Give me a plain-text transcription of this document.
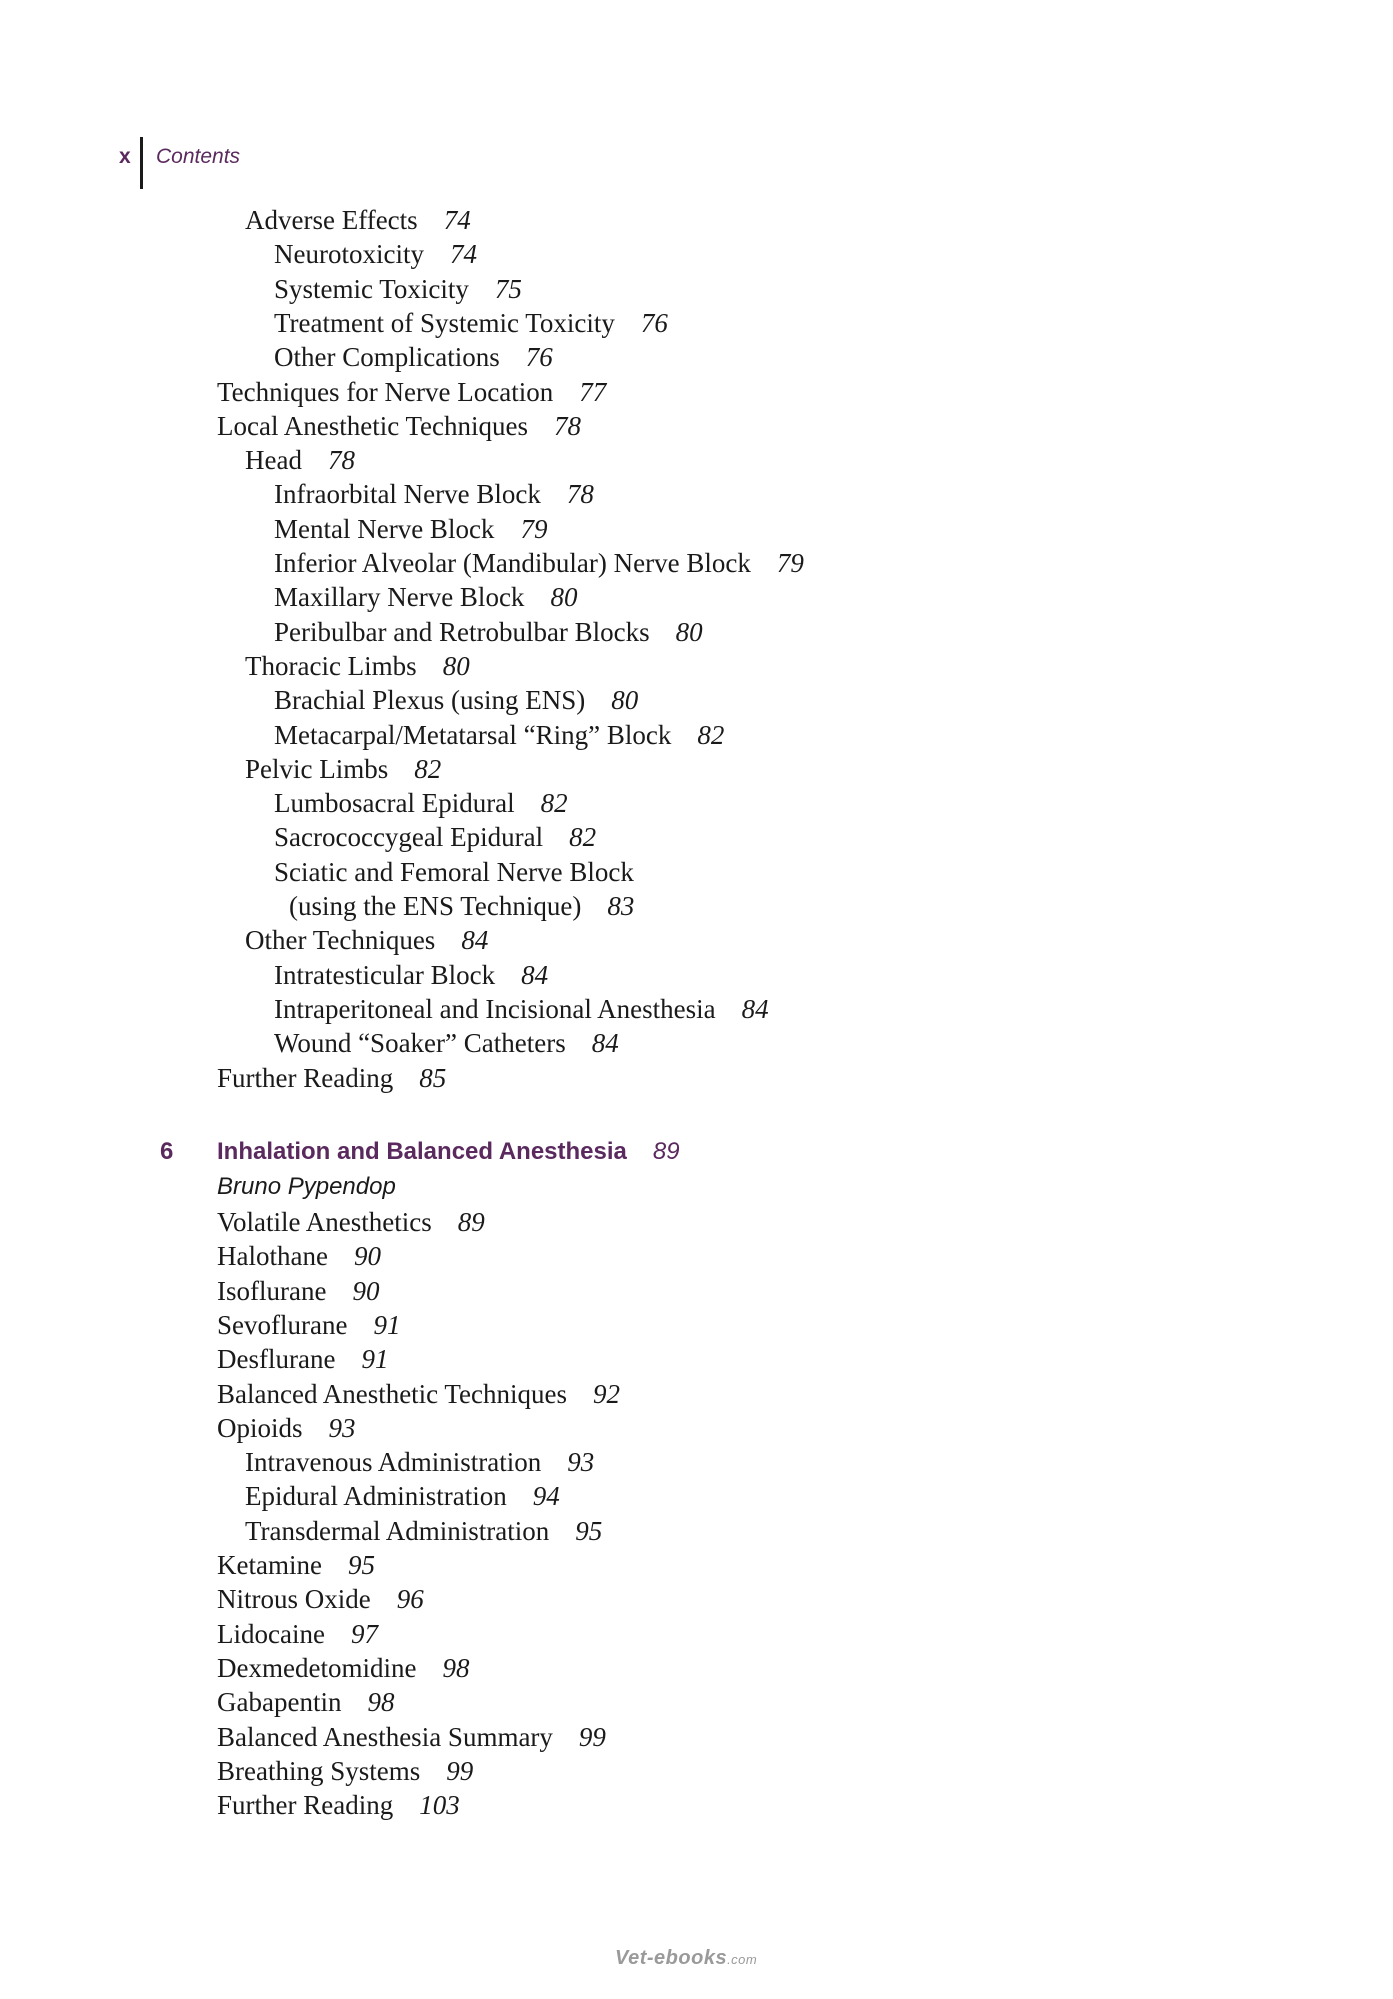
x	Contents
Adverse Effects 74
Neurotoxicity 74
Systemic Toxicity 75
Treatment of Systemic Toxicity 76
Other Complications 76
Techniques for Nerve Location 77
Local Anesthetic Techniques 78
Head 78
Infraorbital Nerve Block 78
Mental Nerve Block 79
Inferior Alveolar (Mandibular) Nerve Block 79
Maxillary Nerve Block 80
Peribulbar and Retrobulbar Blocks 80
Thoracic Limbs 80
Brachial Plexus (using ENS) 80
Metacarpal/Metatarsal “Ring” Block 82
Pelvic Limbs 82
Lumbosacral Epidural 82
Sacrococcygeal Epidural 82
Sciatic and Femoral Nerve Block
(using the ENS Technique) 83
Other Techniques 84
Intratesticular Block 84
Intraperitoneal and Incisional Anesthesia 84
Wound “Soaker” Catheters 84
Further Reading 85
6 Inhalation and Balanced Anesthesia 89
Bruno Pypendop
Volatile Anesthetics 89
Halothane 90
Isoflurane 90
Sevoflurane 91
Desflurane 91
Balanced Anesthetic Techniques 92
Opioids 93
Intravenous Administration 93
Epidural Administration 94
Transdermal Administration 95
Ketamine 95
Nitrous Oxide 96
Lidocaine 97
Dexmedetomidine 98
Gabapentin 98
Balanced Anesthesia Summary 99
Breathing Systems 99
Further Reading 103
Vet-ebooks.com
